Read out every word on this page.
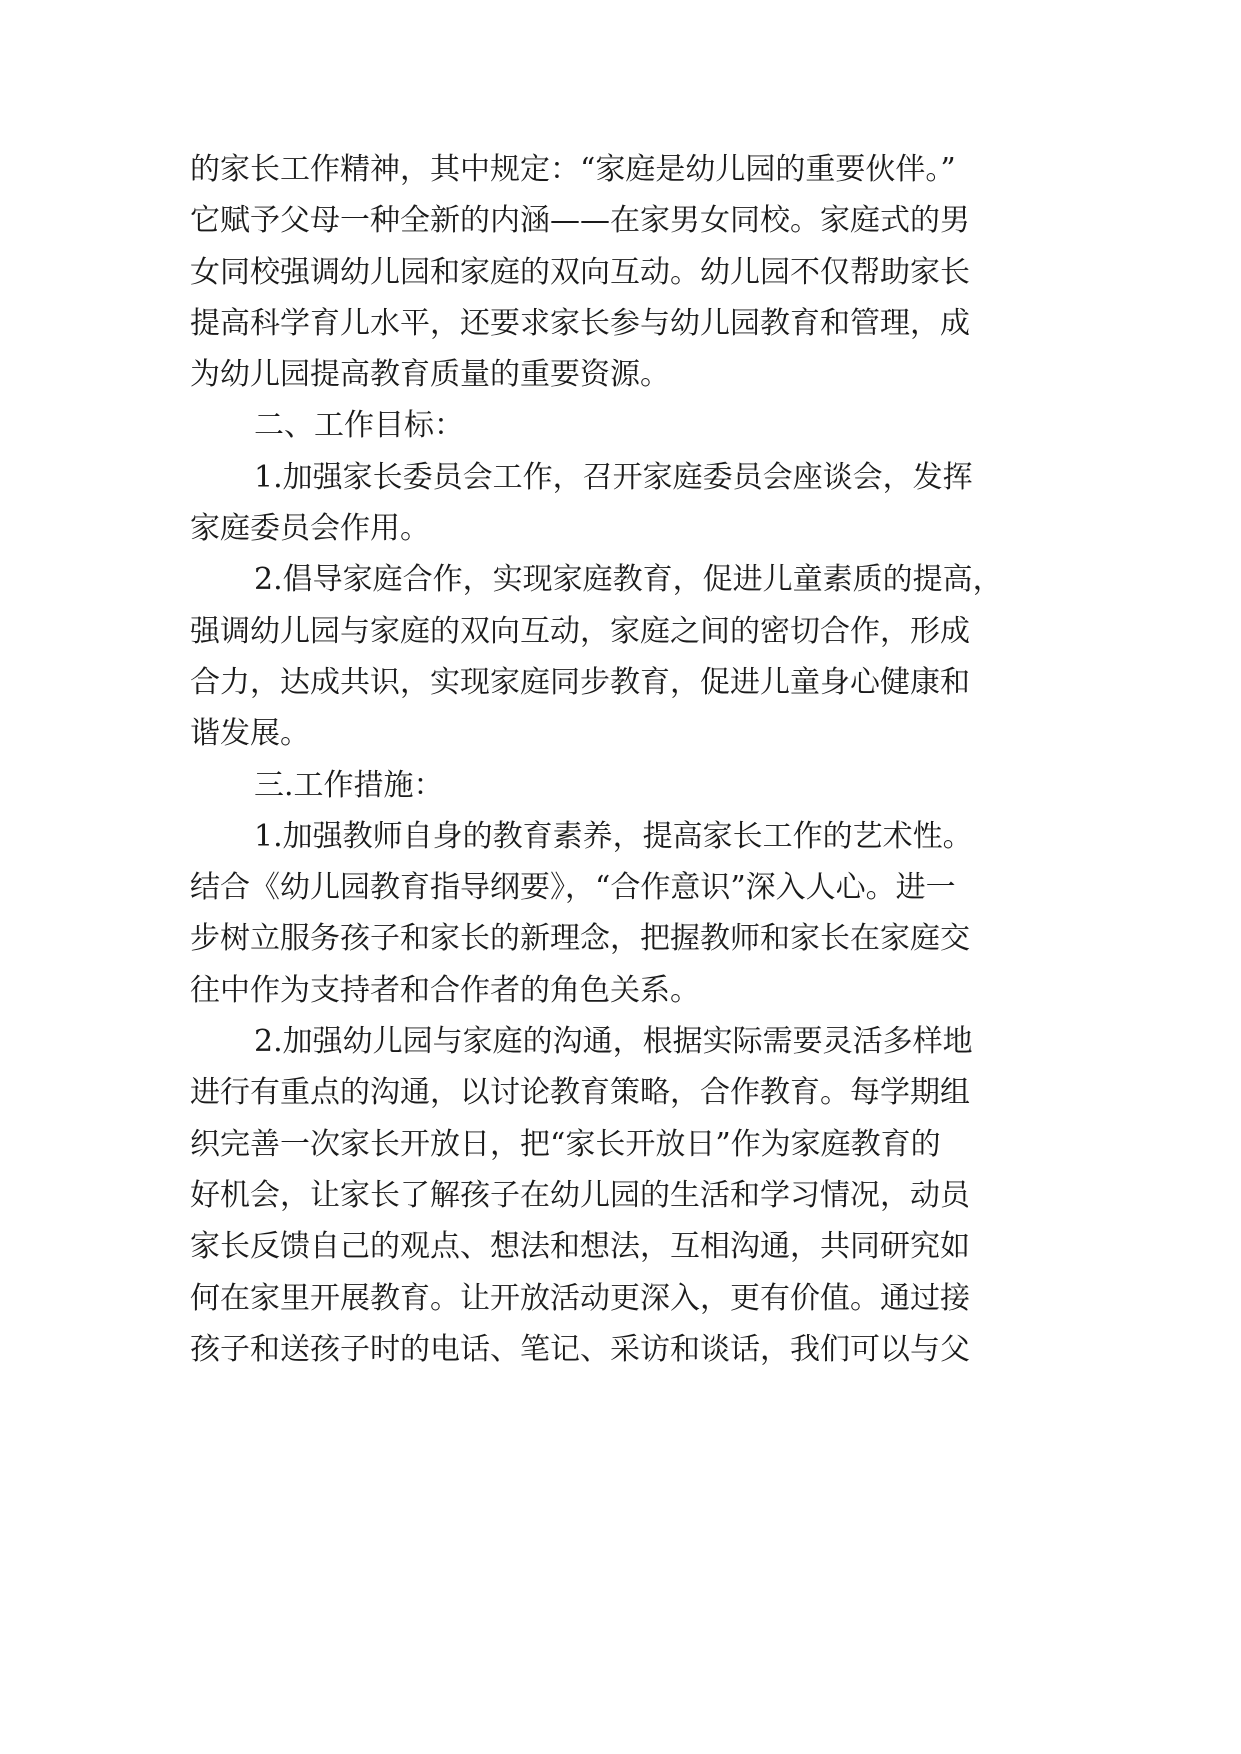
的家长工作精神，其中规定：“家庭是幼儿园的重要伙伴。”
它赋予父母一种全新的内涵——在家男女同校。家庭式的男
女同校强调幼儿园和家庭的双向互动。幼儿园不仅帮助家长
提高科学育儿水平，还要求家长参与幼儿园教育和管理，成
为幼儿园提高教育质量的重要资源。
二、工作目标：
1.加强家长委员会工作，召开家庭委员会座谈会，发挥
家庭委员会作用。
2.倡导家庭合作，实现家庭教育，促进儿童素质的提高，
强调幼儿园与家庭的双向互动，家庭之间的密切合作，形成
合力，达成共识，实现家庭同步教育，促进儿童身心健康和
谐发展。
三.工作措施：
1.加强教师自身的教育素养，提高家长工作的艺术性。
结合《幼儿园教育指导纲要》，“合作意识”深入人心。进一
步树立服务孩子和家长的新理念，把握教师和家长在家庭交
往中作为支持者和合作者的角色关系。
2.加强幼儿园与家庭的沟通，根据实际需要灵活多样地
进行有重点的沟通，以讨论教育策略，合作教育。每学期组
织完善一次家长开放日，把“家长开放日”作为家庭教育的
好机会，让家长了解孩子在幼儿园的生活和学习情况，动员
家长反馈自己的观点、想法和想法，互相沟通，共同研究如
何在家里开展教育。让开放活动更深入，更有价值。通过接
孩子和送孩子时的电话、笔记、采访和谈话，我们可以与父
